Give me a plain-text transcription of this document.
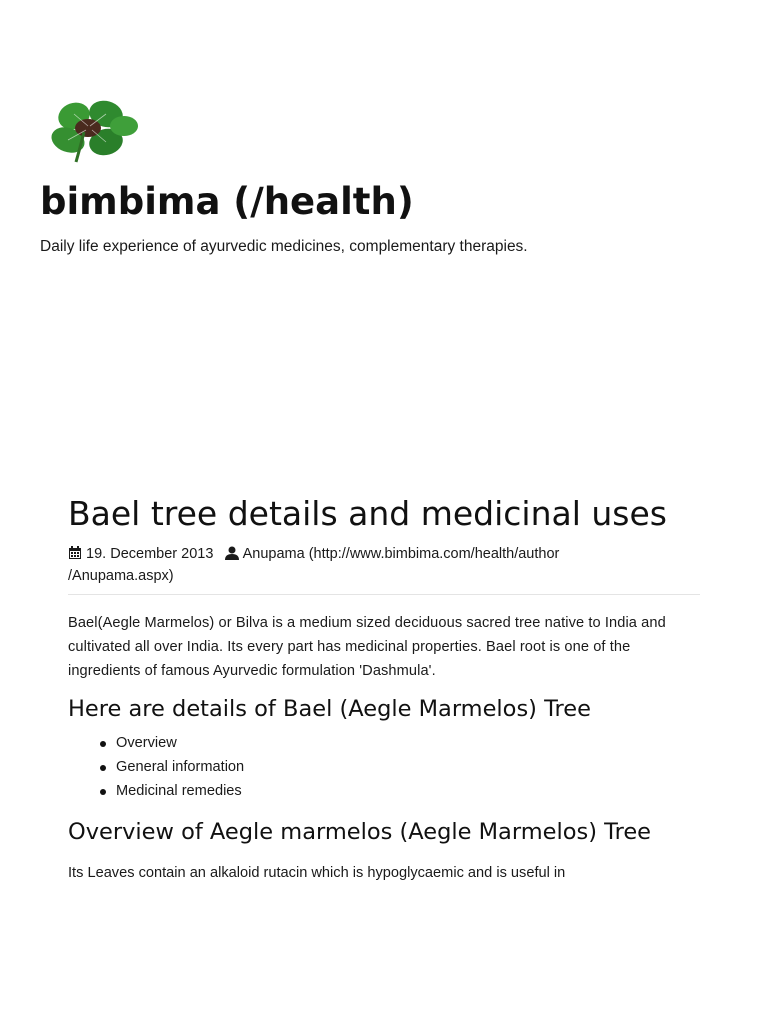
bimbima (/health)

Daily life experience of ayurvedic medicines, complementary therapies.

Bael tree details and medicinal uses
19. December 2013 Anupama (http://www.bimbima.com/health/author
/Anupama.aspx)

Bael(Aegle Marmelos) or Bilva is a medium sized deciduous sacred tree native to India and cultivated all over India. Its every part has medicinal properties. Bael root is one of the ingredients of famous Ayurvedic formulation 'Dashmula'.

Here are details of Bael (Aegle Marmelos) Tree
Overview
General information
Medicinal remedies
Overview of Aegle marmelos (Aegle Marmelos) Tree

Its Leaves contain an alkaloid rutacin which is hypoglycaemic and is useful in
